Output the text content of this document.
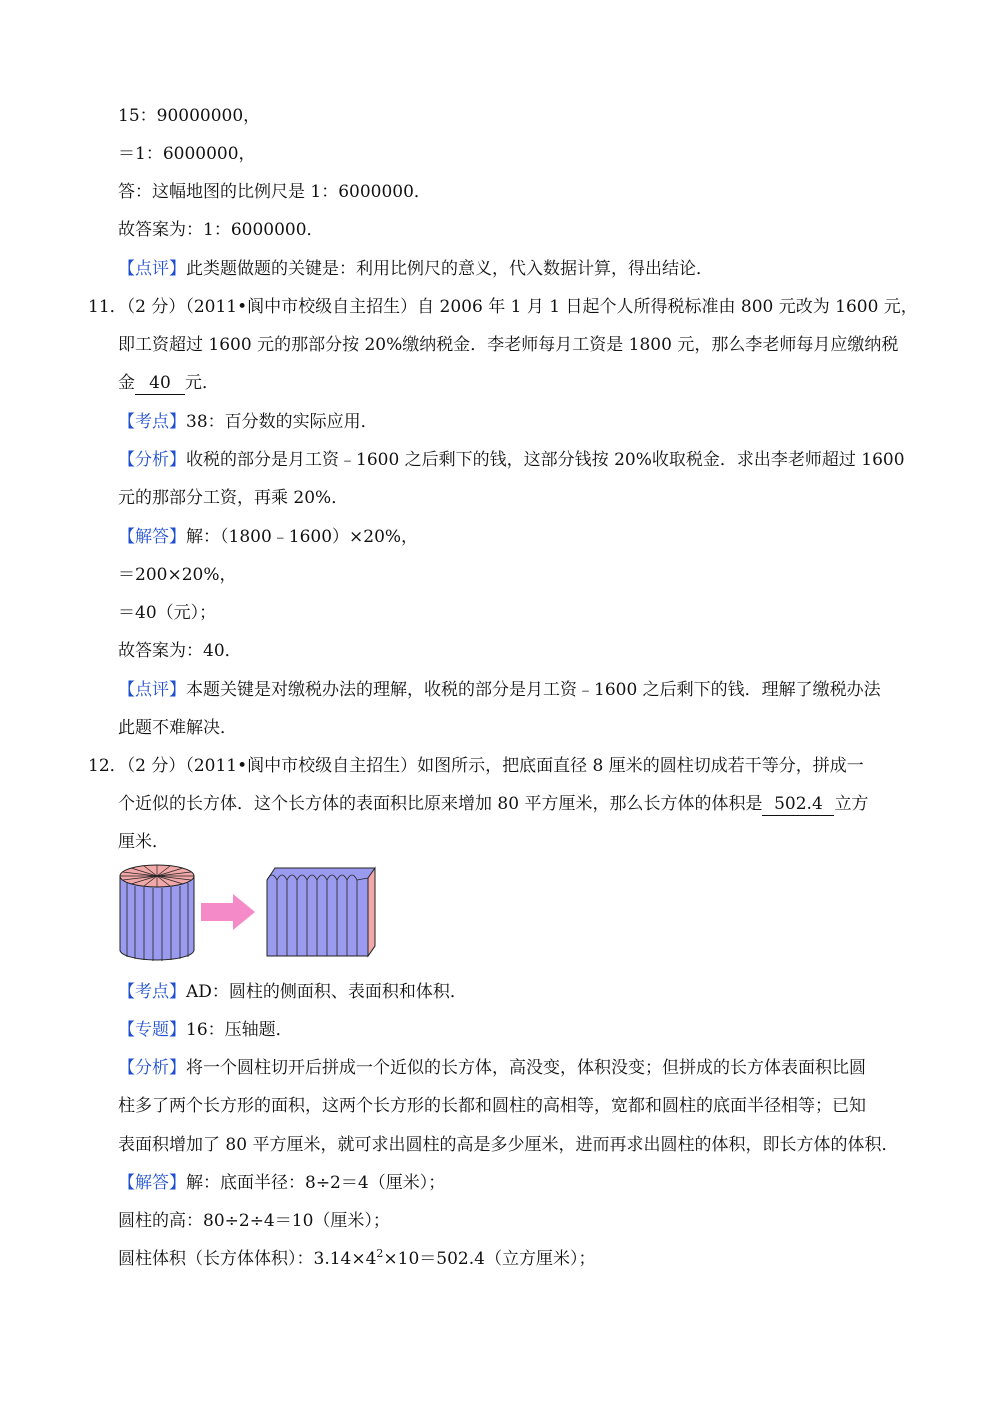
15：90000000，
＝1：6000000，
答：这幅地图的比例尺是 1：6000000．
故答案为：1：6000000．
【点评】此类题做题的关键是：利用比例尺的意义，代入数据计算，得出结论．
11．（2 分）（2011•阆中市校级自主招生）自 2006 年 1 月 1 日起个人所得税标准由 800 元改为 1600 元，
即工资超过 1600 元的那部分按 20%缴纳税金．李老师每月工资是 1800 元，那么李老师每月应缴纳税
金 40 元．
【考点】38：百分数的实际应用．
【分析】收税的部分是月工资﹣1600 之后剩下的钱，这部分钱按 20%收取税金．求出李老师超过 1600
元的那部分工资，再乘 20%．
【解答】解：（1800﹣1600）×20%，
＝200×20%，
＝40（元）；
故答案为：40．
【点评】本题关键是对缴税办法的理解，收税的部分是月工资﹣1600 之后剩下的钱．理解了缴税办法
此题不难解决．
12．（2 分）（2011•阆中市校级自主招生）如图所示，把底面直径 8 厘米的圆柱切成若干等分，拼成一
个近似的长方体．这个长方体的表面积比原来增加 80 平方厘米，那么长方体的体积是 502.4 立方
厘米．
【考点】AD：圆柱的侧面积、表面积和体积．
【专题】16：压轴题．
【分析】将一个圆柱切开后拼成一个近似的长方体，高没变，体积没变；但拼成的长方体表面积比圆
柱多了两个长方形的面积，这两个长方形的长都和圆柱的高相等，宽都和圆柱的底面半径相等；已知
表面积增加了 80 平方厘米，就可求出圆柱的高是多少厘米，进而再求出圆柱的体积，即长方体的体积．
【解答】解：底面半径：8÷2＝4（厘米）；
圆柱的高：80÷2÷4＝10（厘米）；
圆柱体积（长方体体积）：$3.14\times 4^2\times 10=502.4$（立方厘米）；
